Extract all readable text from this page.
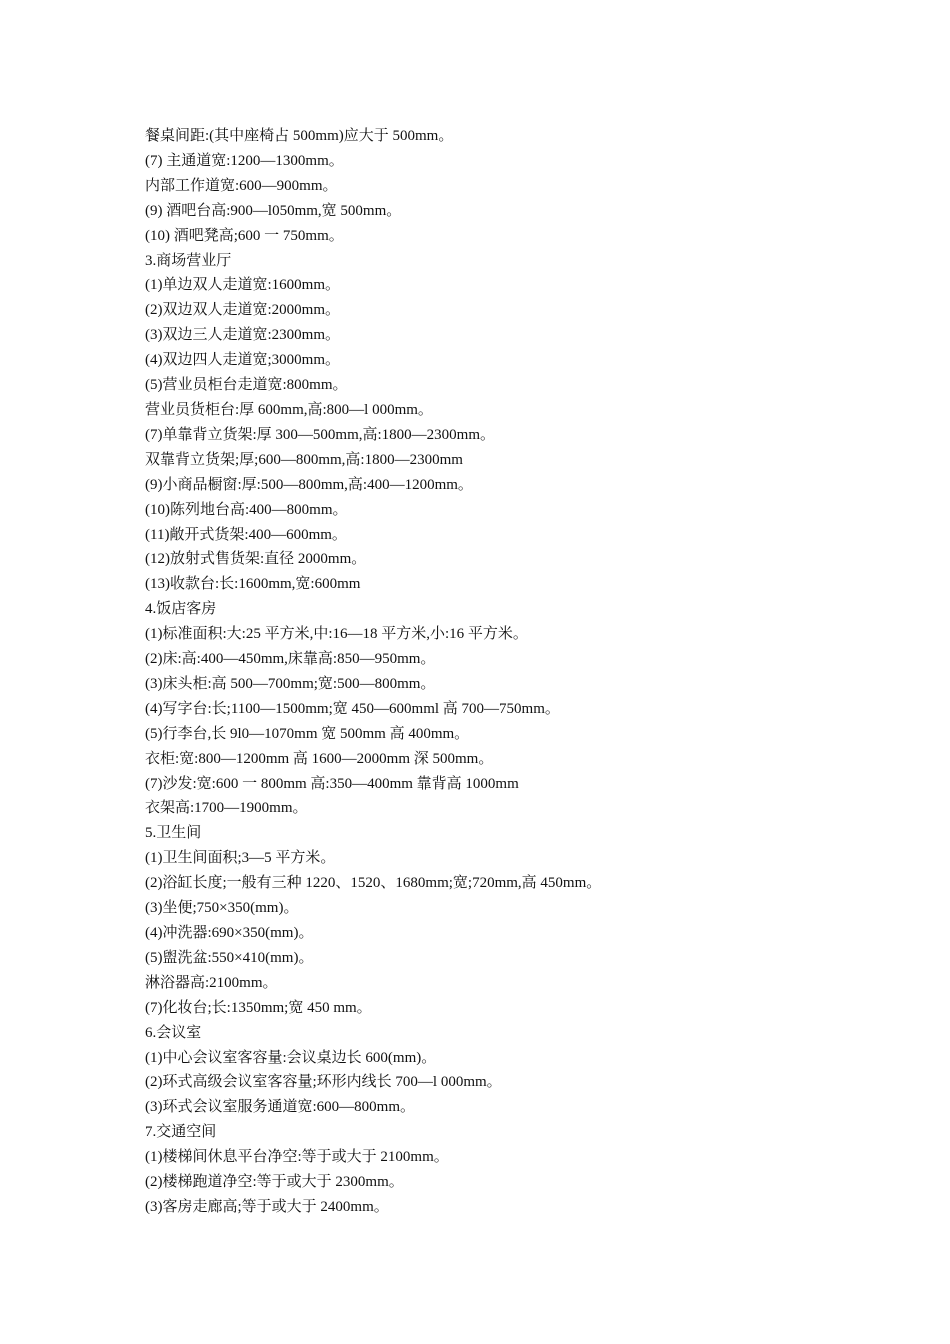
餐桌间距:(其中座椅占 500mm)应大于 500mm。
(7) 主通道宽:1200—1300mm。
内部工作道宽:600—900mm。
(9) 酒吧台高:900—l050mm,宽 500mm。
(10) 酒吧凳高;600 一 750mm。
3.商场营业厅
(1)单边双人走道宽:1600mm。
(2)双边双人走道宽:2000mm。
(3)双边三人走道宽:2300mm。
(4)双边四人走道宽;3000mm。
(5)营业员柜台走道宽:800mm。
营业员货柜台:厚 600mm,高:800—l 000mm。
(7)单靠背立货架:厚 300—500mm,高:1800—2300mm。
双靠背立货架;厚;600—800mm,高:1800—2300mm
(9)小商品橱窗:厚:500—800mm,高:400—1200mm。
(10)陈列地台高:400—800mm。
(11)敞开式货架:400—600mm。
(12)放射式售货架:直径 2000mm。
(13)收款台:长:1600mm,宽:600mm
4.饭店客房
(1)标准面积:大:25 平方米,中:16—18 平方米,小:16 平方米。
(2)床:高:400—450mm,床靠高:850—950mm。
(3)床头柜:高 500—700mm;宽:500—800mm。
(4)写字台:长;1100—1500mm;宽 450—600mml 高 700—750mm。
(5)行李台,长 9l0—1070mm 宽 500mm 高 400mm。
衣柜:宽:800—1200mm 高 1600—2000mm 深 500mm。
(7)沙发:宽:600 一 800mm 高:350—400mm 靠背高 1000mm
衣架高:1700—1900mm。
5.卫生间
(1)卫生间面积;3—5 平方米。
(2)浴缸长度;一般有三种 1220、1520、1680mm;宽;720mm,高 450mm。
(3)坐便;750×350(mm)。
(4)冲洗器:690×350(mm)。
(5)盥洗盆:550×410(mm)。
淋浴器高:2100mm。
(7)化妆台;长:1350mm;宽 450 mm。
6.会议室
(1)中心会议室客容量:会议桌边长 600(mm)。
(2)环式高级会议室客容量;环形内线长 700—l 000mm。
(3)环式会议室服务通道宽:600—800mm。
7.交通空间
(1)楼梯间休息平台净空:等于或大于 2100mm。
(2)楼梯跑道净空:等于或大于 2300mm。
(3)客房走廊高;等于或大于 2400mm。
